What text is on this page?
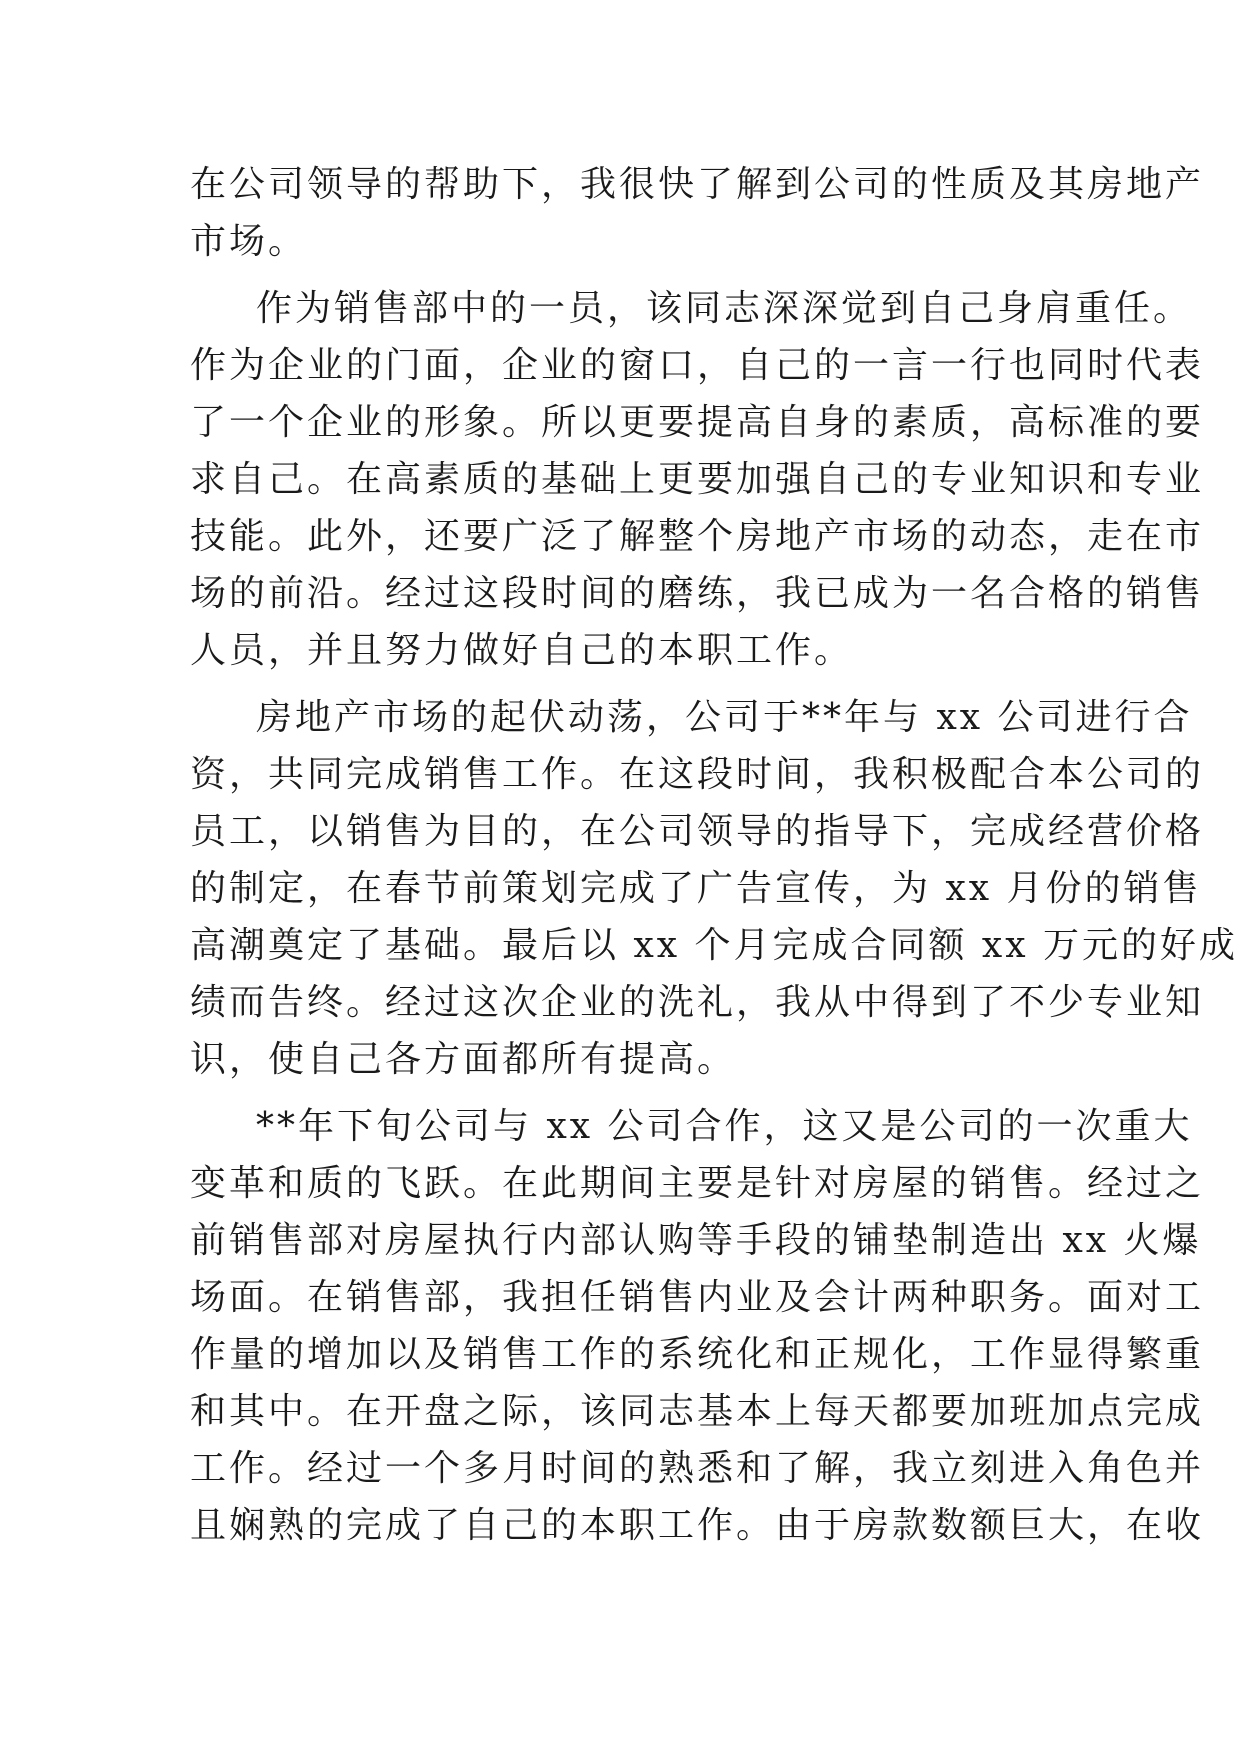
在公司领导的帮助下，我很快了解到公司的性质及其房地产
市场。
作为销售部中的一员，该同志深深觉到自己身肩重任。
作为企业的门面，企业的窗口，自己的一言一行也同时代表
了一个企业的形象。所以更要提高自身的素质，高标准的要
求自己。在高素质的基础上更要加强自己的专业知识和专业
技能。此外，还要广泛了解整个房地产市场的动态，走在市
场的前沿。经过这段时间的磨练，我已成为一名合格的销售
人员，并且努力做好自己的本职工作。
房地产市场的起伏动荡，公司于**年与 xx 公司进行合
资，共同完成销售工作。在这段时间，我积极配合本公司的
员工，以销售为目的，在公司领导的指导下，完成经营价格
的制定，在春节前策划完成了广告宣传，为 xx 月份的销售
高潮奠定了基础。最后以 xx 个月完成合同额 xx 万元的好成
绩而告终。经过这次企业的洗礼，我从中得到了不少专业知
识，使自己各方面都所有提高。
**年下旬公司与 xx 公司合作，这又是公司的一次重大
变革和质的飞跃。在此期间主要是针对房屋的销售。经过之
前销售部对房屋执行内部认购等手段的铺垫制造出 xx 火爆
场面。在销售部，我担任销售内业及会计两种职务。面对工
作量的增加以及销售工作的系统化和正规化，工作显得繁重
和其中。在开盘之际，该同志基本上每天都要加班加点完成
工作。经过一个多月时间的熟悉和了解，我立刻进入角色并
且娴熟的完成了自己的本职工作。由于房款数额巨大，在收
